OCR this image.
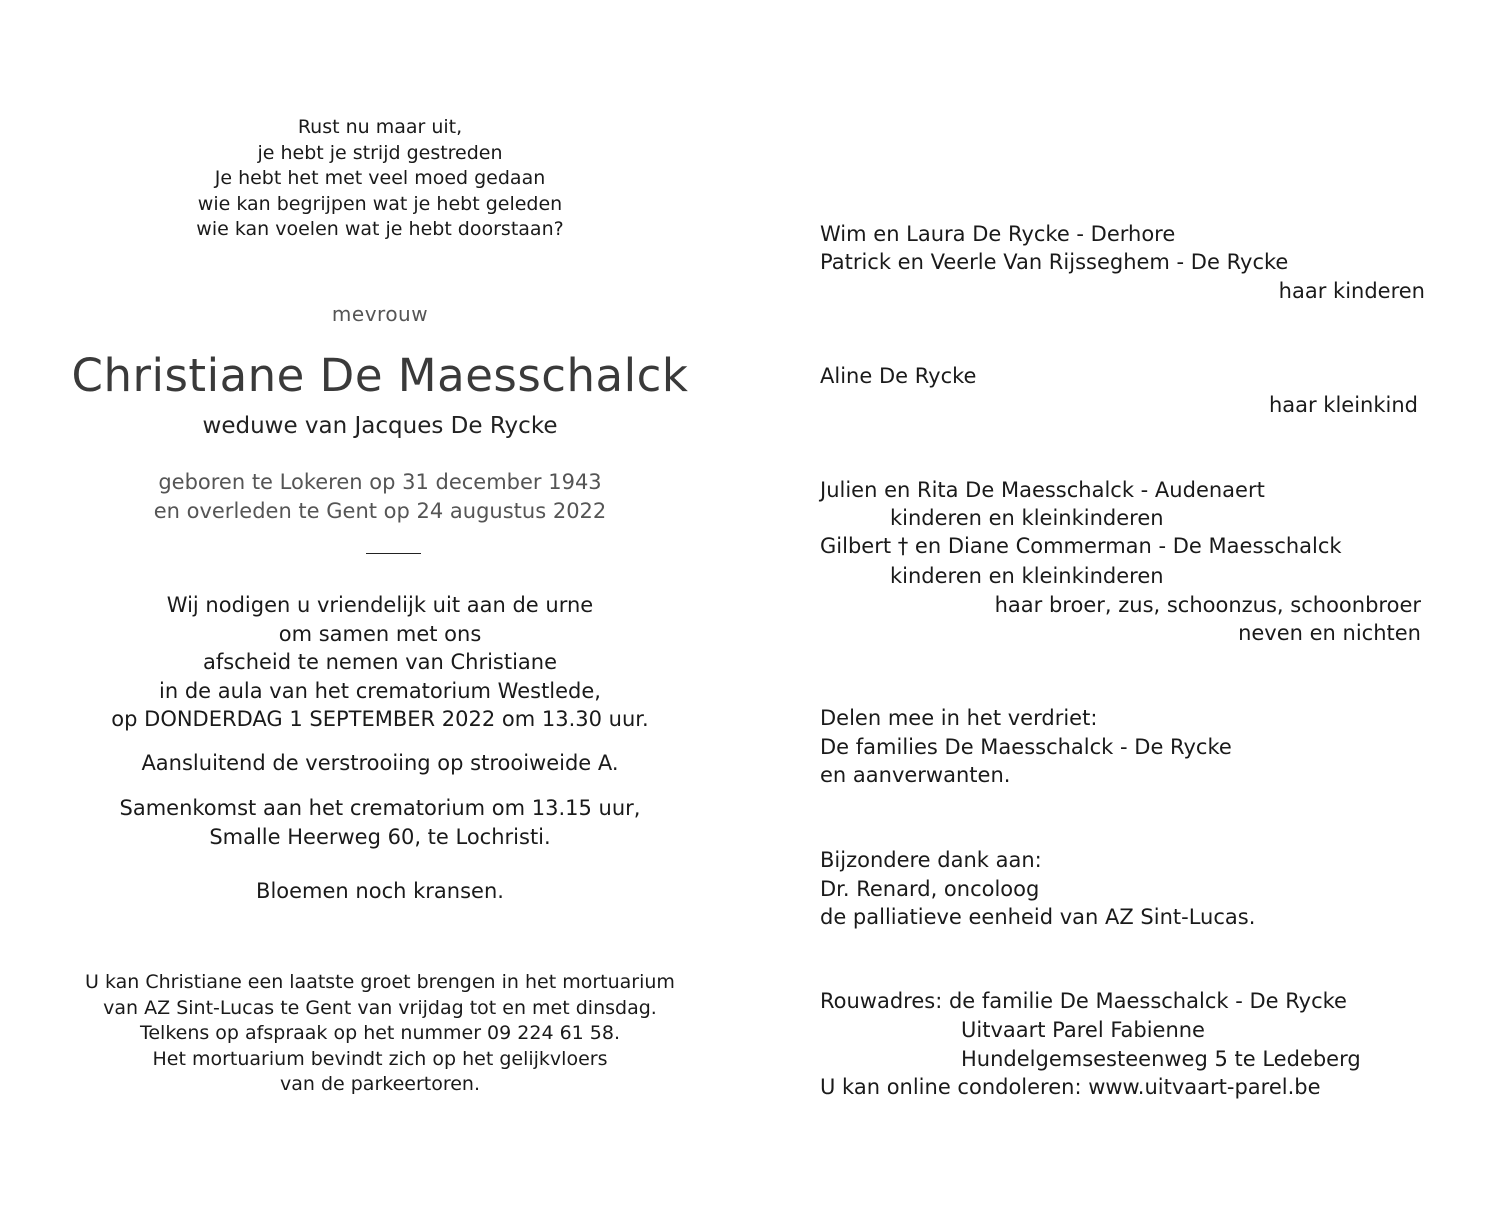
Rust nu maar uit,
je hebt je strijd gestreden
Je hebt het met veel moed gedaan
wie kan begrijpen wat je hebt geleden
wie kan voelen wat je hebt doorstaan?
mevrouw
Christiane De Maesschalck
weduwe van Jacques De Rycke
geboren te Lokeren op 31 december 1943
en overleden te Gent op 24 augustus 2022
Wij nodigen u vriendelijk uit aan de urne
om samen met ons
afscheid te nemen van Christiane
in de aula van het crematorium Westlede,
op DONDERDAG 1 SEPTEMBER 2022 om 13.30 uur.
Aansluitend de verstrooiing op strooiweide A.
Samenkomst aan het crematorium om 13.15 uur,
Smalle Heerweg 60, te Lochristi.
Bloemen noch kransen.
U kan Christiane een laatste groet brengen in het mortuarium
van AZ Sint-Lucas te Gent van vrijdag tot en met dinsdag.
Telkens op afspraak op het nummer 09 224 61 58.
Het mortuarium bevindt zich op het gelijkvloers
van de parkeertoren.
Wim en Laura De Rycke - Derhore
Patrick en Veerle Van Rijsseghem - De Rycke
haar kinderen
Aline De Rycke
haar kleinkind
Julien en Rita De Maesschalck - Audenaert
kinderen en kleinkinderen
Gilbert † en Diane Commerman - De Maesschalck
kinderen en kleinkinderen
haar broer, zus, schoonzus, schoonbroer
neven en nichten
Delen mee in het verdriet:
De families De Maesschalck - De Rycke
en aanverwanten.
Bijzondere dank aan:
Dr. Renard, oncoloog
de palliatieve eenheid van AZ Sint-Lucas.
Rouwadres: de familie De Maesschalck - De Rycke
Uitvaart Parel Fabienne
Hundelgemsesteenweg 5 te Ledeberg
U kan online condoleren: www.uitvaart-parel.be
